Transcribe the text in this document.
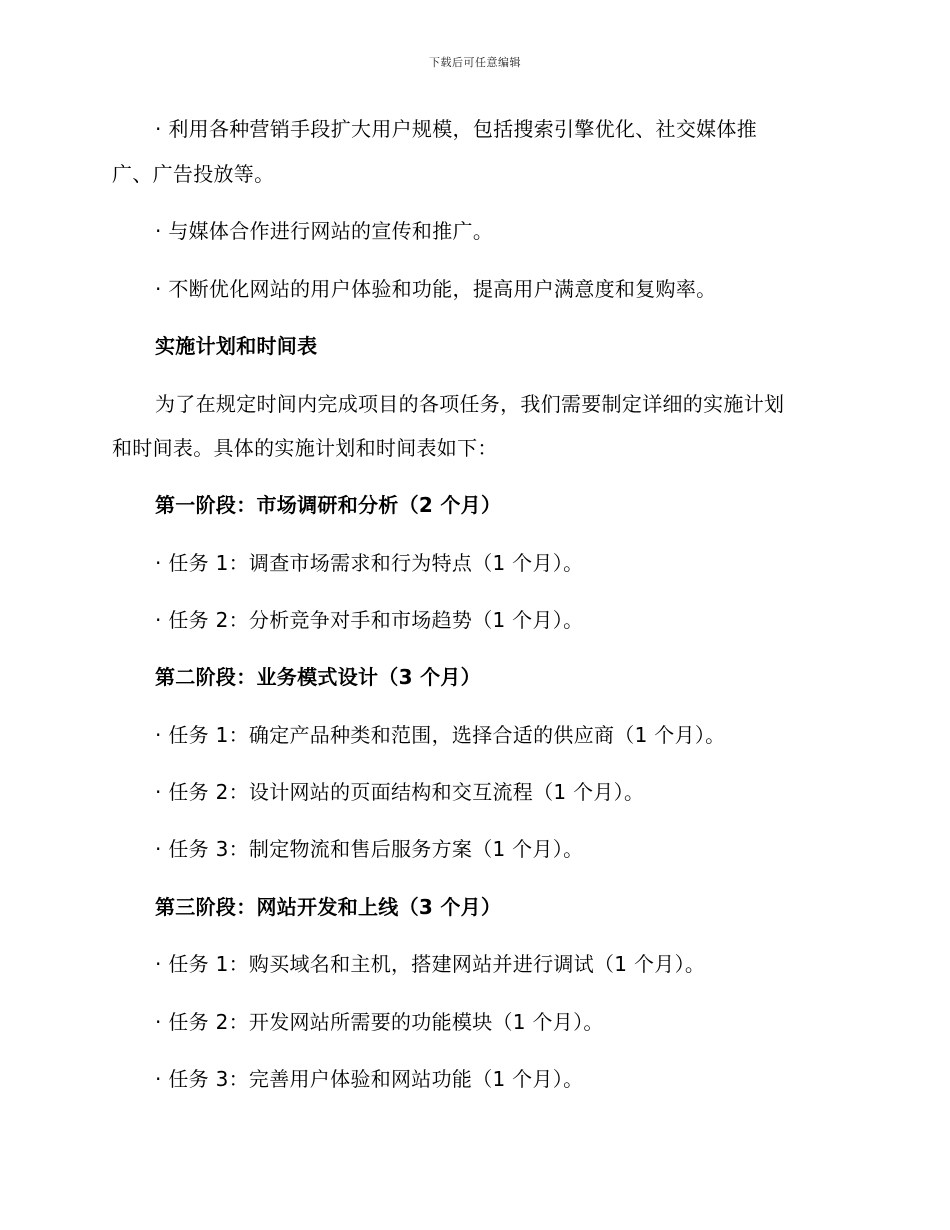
下载后可任意编辑
· 利用各种营销手段扩大用户规模，包括搜索引擎优化、社交媒体推
广、广告投放等。
· 与媒体合作进行网站的宣传和推广。
· 不断优化网站的用户体验和功能，提高用户满意度和复购率。
实施计划和时间表
为了在规定时间内完成项目的各项任务，我们需要制定详细的实施计划
和时间表。具体的实施计划和时间表如下：
第一阶段：市场调研和分析（2 个月）
· 任务 1：调查市场需求和行为特点（1 个月）。
· 任务 2：分析竞争对手和市场趋势（1 个月）。
第二阶段：业务模式设计（3 个月）
· 任务 1：确定产品种类和范围，选择合适的供应商（1 个月）。
· 任务 2：设计网站的页面结构和交互流程（1 个月）。
· 任务 3：制定物流和售后服务方案（1 个月）。
第三阶段：网站开发和上线（3 个月）
· 任务 1：购买域名和主机，搭建网站并进行调试（1 个月）。
· 任务 2：开发网站所需要的功能模块（1 个月）。
· 任务 3：完善用户体验和网站功能（1 个月）。
